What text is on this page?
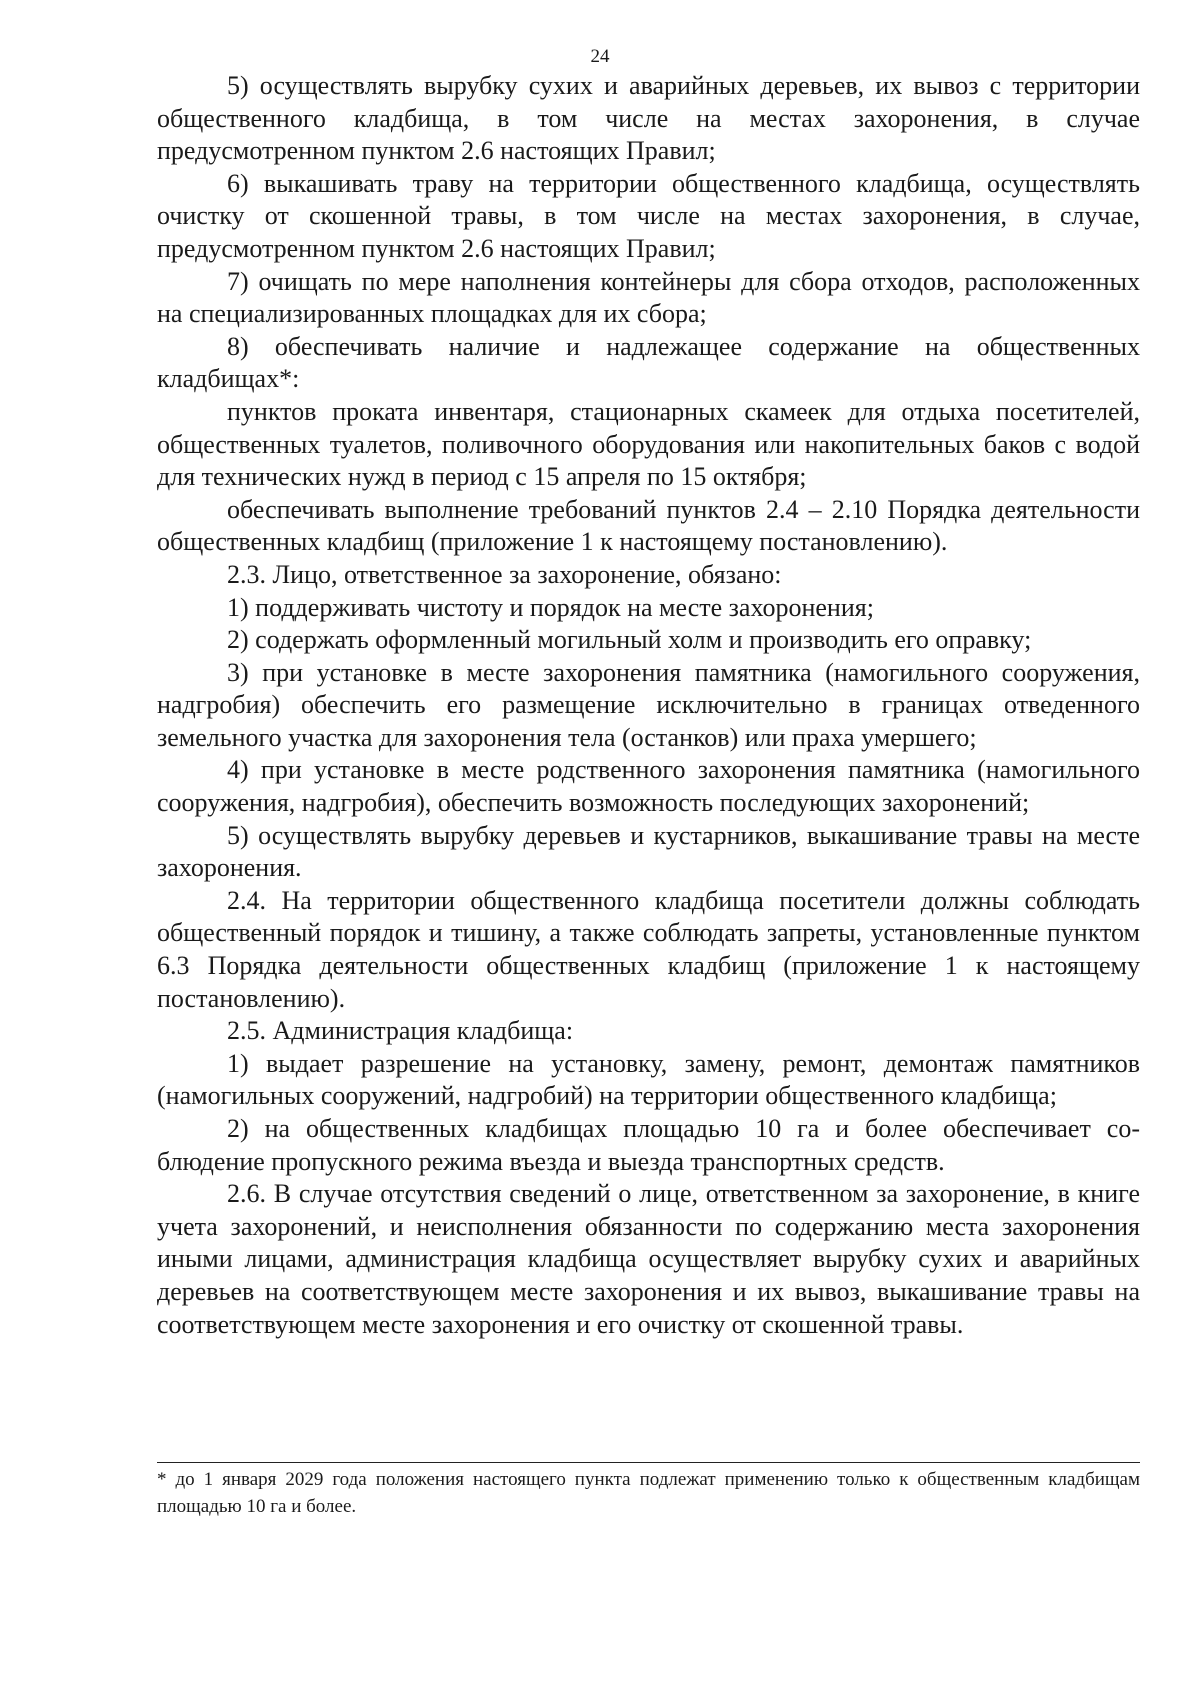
24

5) осуществлять вырубку сухих и аварийных деревьев, их вывоз с территории общественного кладбища, в том числе на местах захоронения, в случае предусмотренном пунктом 2.6 настоящих Правил;

6) выкашивать траву на территории общественного кладбища, осуществлять очистку от скошенной травы, в том числе на местах захоронения, в случае, предусмотренном пунктом 2.6 настоящих Правил;

7) очищать по мере наполнения контейнеры для сбора отходов, расположенных на специализированных площадках для их сбора;

8) обеспечивать наличие и надлежащее содержание на общественных кладбищах*:

пунктов проката инвентаря, стационарных скамеек для отдыха посетителей, общественных туалетов, поливочного оборудования или накопительных баков с водой для технических нужд в период с 15 апреля по 15 октября;

обеспечивать выполнение требований пунктов 2.4 – 2.10 Порядка деятельности общественных кладбищ (приложение 1 к настоящему постановлению).

2.3. Лицо, ответственное за захоронение, обязано:

1) поддерживать чистоту и порядок на месте захоронения;

2) содержать оформленный могильный холм и производить его оправку;

3) при установке в месте захоронения памятника (намогильного сооружения, надгробия) обеспечить его размещение исключительно в границах отведенного земельного участка для захоронения тела (останков) или праха умершего;

4) при установке в месте родственного захоронения памятника (намогильного сооружения, надгробия), обеспечить возможность последующих захоронений;

5) осуществлять вырубку деревьев и кустарников, выкашивание травы на месте захоронения.

2.4. На территории общественного кладбища посетители должны соблюдать общественный порядок и тишину, а также соблюдать запреты, установленные пунктом 6.3 Порядка деятельности общественных кладбищ (приложение 1 к настоящему постановлению).

2.5. Администрация кладбища:

1) выдает разрешение на установку, замену, ремонт, демонтаж памятников (намогильных сооружений, надгробий) на территории общественного кладбища;

2) на общественных кладбищах площадью 10 га и более обеспечивает соблюдение пропускного режима въезда и выезда транспортных средств.

2.6. В случае отсутствия сведений о лице, ответственном за захоронение, в книге учета захоронений, и неисполнения обязанности по содержанию места захоронения иными лицами, администрация кладбища осуществляет вырубку сухих и аварийных деревьев на соответствующем месте захоронения и их вывоз, выкашивание травы на соответствующем месте захоронения и его очистку от скошенной травы.

* до 1 января 2029 года положения настоящего пункта подлежат применению только к общественным кладбищам площадью 10 га и более.
